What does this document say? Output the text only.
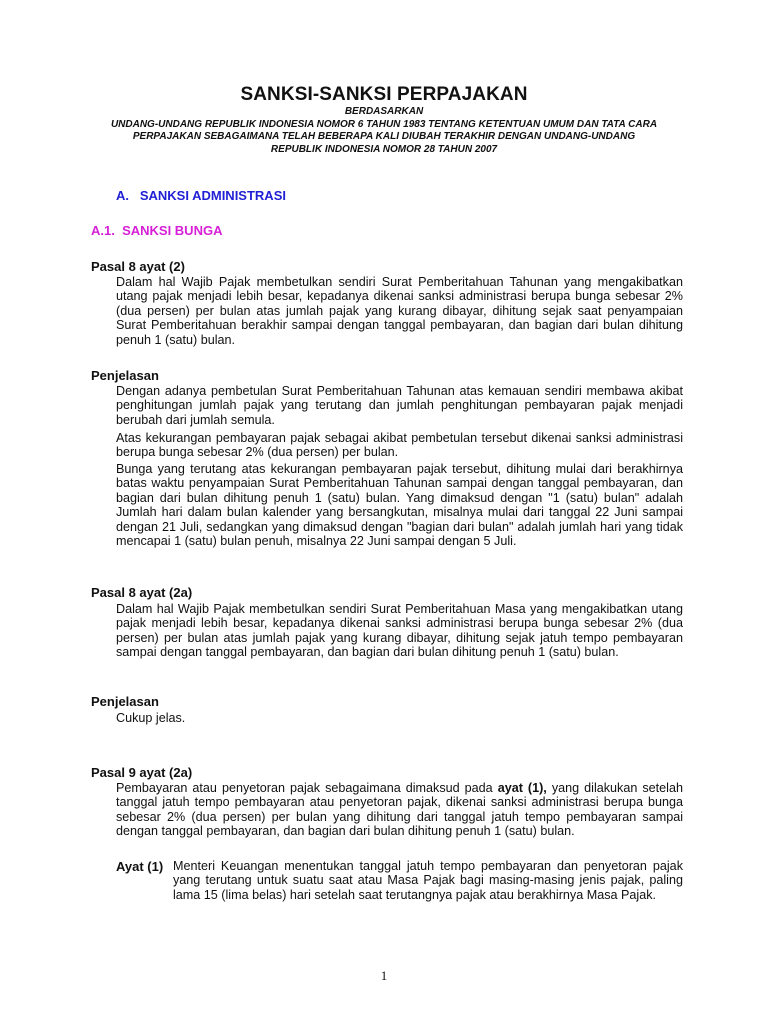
SANKSI-SANKSI PERPAJAKAN
BERDASARKAN
UNDANG-UNDANG REPUBLIK INDONESIA NOMOR 6 TAHUN 1983 TENTANG KETENTUAN UMUM DAN TATA CARA
PERPAJAKAN SEBAGAIMANA TELAH BEBERAPA KALI DIUBAH TERAKHIR DENGAN UNDANG-UNDANG
REPUBLIK INDONESIA NOMOR 28 TAHUN 2007
A.   SANKSI ADMINISTRASI
A.1.  SANKSI BUNGA
Pasal 8 ayat (2)

Dalam hal Wajib Pajak membetulkan sendiri Surat Pemberitahuan Tahunan yang mengakibatkan utang pajak menjadi lebih besar, kepadanya dikenai sanksi administrasi berupa bunga sebesar 2% (dua persen) per bulan atas jumlah pajak yang kurang dibayar, dihitung sejak saat penyampaian Surat Pemberitahuan berakhir sampai dengan tanggal pembayaran, dan bagian dari bulan dihitung penuh 1 (satu) bulan.

Penjelasan

Dengan adanya pembetulan Surat Pemberitahuan Tahunan atas kemauan sendiri membawa akibat penghitungan jumlah pajak yang terutang dan jumlah penghitungan pembayaran pajak menjadi berubah dari jumlah semula.

Atas kekurangan pembayaran pajak sebagai akibat pembetulan tersebut dikenai sanksi administrasi berupa bunga sebesar 2% (dua persen) per bulan.

Bunga yang terutang atas kekurangan pembayaran pajak tersebut, dihitung mulai dari berakhirnya batas waktu penyampaian Surat Pemberitahuan Tahunan sampai dengan tanggal pembayaran, dan bagian dari bulan dihitung penuh 1 (satu) bulan. Yang dimaksud dengan "1 (satu) bulan" adalah Jumlah hari dalam bulan kalender yang bersangkutan, misalnya mulai dari tanggal 22 Juni sampai dengan 21 Juli, sedangkan yang dimaksud dengan "bagian dari bulan" adalah jumlah hari yang tidak mencapai 1 (satu) bulan penuh, misalnya 22 Juni sampai dengan 5 Juli.

Pasal 8 ayat (2a)

Dalam hal Wajib Pajak membetulkan sendiri Surat Pemberitahuan Masa yang mengakibatkan utang pajak menjadi lebih besar, kepadanya dikenai sanksi administrasi berupa bunga sebesar 2% (dua persen) per bulan atas jumlah pajak yang kurang dibayar, dihitung sejak jatuh tempo pembayaran sampai dengan tanggal pembayaran, dan bagian dari bulan dihitung penuh 1 (satu) bulan.

Penjelasan

Cukup jelas.

Pasal 9 ayat (2a)

Pembayaran atau penyetoran pajak sebagaimana dimaksud pada ayat (1), yang dilakukan setelah tanggal jatuh tempo pembayaran atau penyetoran pajak, dikenai sanksi administrasi berupa bunga sebesar 2% (dua persen) per bulan yang dihitung dari tanggal jatuh tempo pembayaran sampai dengan tanggal pembayaran, dan bagian dari bulan dihitung penuh 1 (satu) bulan.

Ayat (1) Menteri Keuangan menentukan tanggal jatuh tempo pembayaran dan penyetoran pajak yang terutang untuk suatu saat atau Masa Pajak bagi masing-masing jenis pajak, paling lama 15 (lima belas) hari setelah saat terutangnya pajak atau berakhirnya Masa Pajak.

1
